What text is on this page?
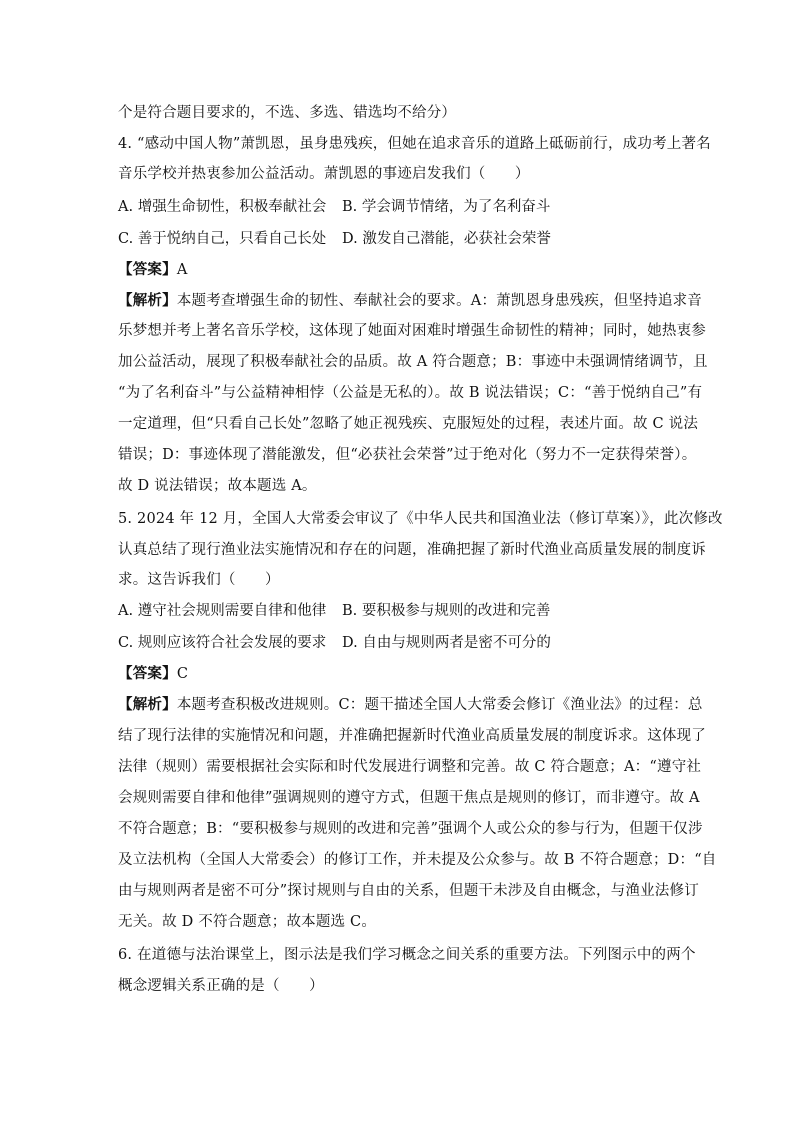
个是符合题目要求的，不选、多选、错选均不给分）
4. “感动中国人物”萧凯恩，虽身患残疾，但她在追求音乐的道路上砥砺前行，成功考上著名
音乐学校并热衷参加公益活动。萧凯恩的事迹启发我们（　　）
A. 增强生命韧性，积极奉献社会 B. 学会调节情绪，为了名利奋斗
C. 善于悦纳自己，只看自己长处 D. 激发自己潜能，必获社会荣誉
【答案】A
【解析】本题考查增强生命的韧性、奉献社会的要求。A：萧凯恩身患残疾，但坚持追求音
乐梦想并考上著名音乐学校，这体现了她面对困难时增强生命韧性的精神；同时，她热衷参
加公益活动，展现了积极奉献社会的品质。故 A 符合题意；B：事迹中未强调情绪调节，且
“为了名利奋斗”与公益精神相悖（公益是无私的）。故 B 说法错误；C：“善于悦纳自己”有
一定道理，但“只看自己长处”忽略了她正视残疾、克服短处的过程，表述片面。故 C 说法
错误；D：事迹体现了潜能激发，但“必获社会荣誉”过于绝对化（努力不一定获得荣誉）。
故 D 说法错误；故本题选 A。
5. 2024 年 12 月，全国人大常委会审议了《中华人民共和国渔业法（修订草案）》，此次修改
认真总结了现行渔业法实施情况和存在的问题，准确把握了新时代渔业高质量发展的制度诉
求。这告诉我们（　　）
A. 遵守社会规则需要自律和他律 B. 要积极参与规则的改进和完善
C. 规则应该符合社会发展的要求 D. 自由与规则两者是密不可分的
【答案】C
【解析】本题考查积极改进规则。C：题干描述全国人大常委会修订《渔业法》的过程：总
结了现行法律的实施情况和问题，并准确把握新时代渔业高质量发展的制度诉求。这体现了
法律（规则）需要根据社会实际和时代发展进行调整和完善。故 C 符合题意；A：“遵守社
会规则需要自律和他律”强调规则的遵守方式，但题干焦点是规则的修订，而非遵守。故 A
不符合题意；B：“要积极参与规则的改进和完善”强调个人或公众的参与行为，但题干仅涉
及立法机构（全国人大常委会）的修订工作，并未提及公众参与。故 B 不符合题意；D：“自
由与规则两者是密不可分”探讨规则与自由的关系，但题干未涉及自由概念，与渔业法修订
无关。故 D 不符合题意；故本题选 C。
6. 在道德与法治课堂上，图示法是我们学习概念之间关系的重要方法。下列图示中的两个
概念逻辑关系正确的是（　　）
